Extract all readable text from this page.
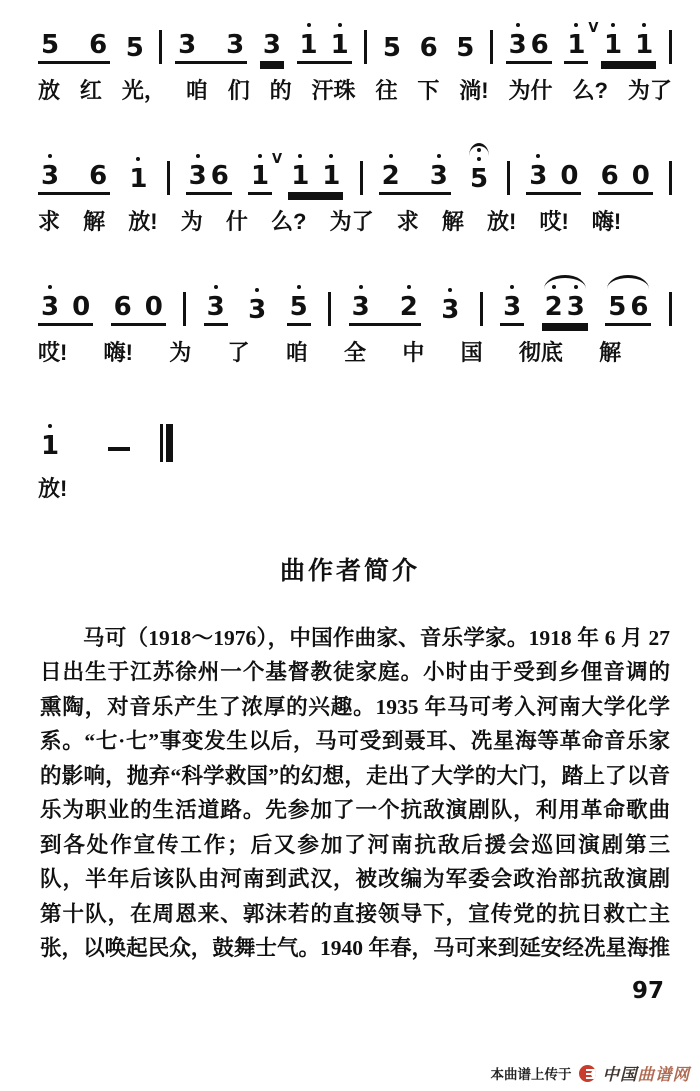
5 6 5 3 3 3 1 1 5 6 5 3 6 1
V
1 1
放 红 光， 咱 们 的 汗珠 往 下 淌! 为什 么? 为了
3 6 1 3 6 1
V
1 1 2 3 5 3 0 6 0
求 解 放! 为 什 么? 为了 求 解 放! 哎! 嗨!
3 0 6 0 3 3 5 3 2 3 3 2 3 5 6
哎! 嗨! 为 了 咱 全 中 国 彻底 解
1
放!
曲作者简介
马可（1918～1976），中国作曲家、音乐学家。1918 年 6 月 27
日出生于江苏徐州一个基督教徒家庭。小时由于受到乡俚音调的
熏陶，对音乐产生了浓厚的兴趣。1935 年马可考入河南大学化学
系。“七·七”事变发生以后，马可受到聂耳、冼星海等革命音乐家
的影响，抛弃“科学救国”的幻想，走出了大学的大门，踏上了以音
乐为职业的生活道路。先参加了一个抗敌演剧队，利用革命歌曲
到各处作宣传工作；后又参加了河南抗敌后援会巡回演剧第三
队，半年后该队由河南到武汉，被改编为军委会政治部抗敌演剧
第十队，在周恩来、郭沫若的直接领导下，宣传党的抗日救亡主
张，以唤起民众，鼓舞士气。1940 年春，马可来到延安经冼星海推
97
本曲谱上传于 中国曲谱网
